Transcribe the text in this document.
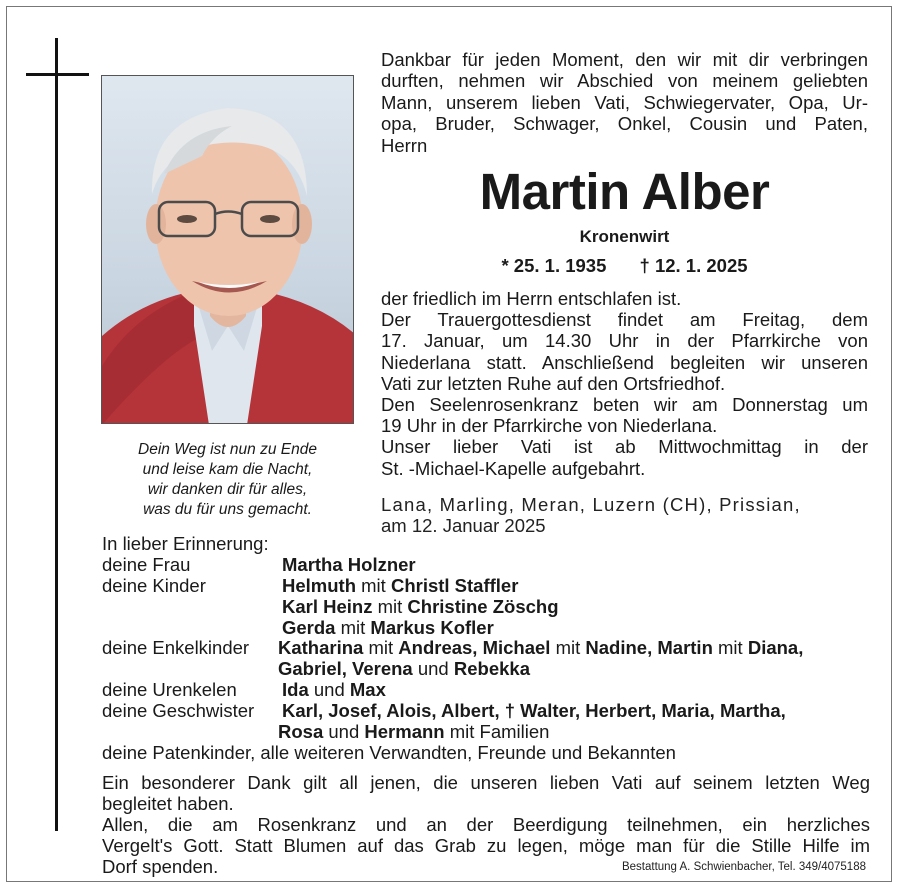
Dein Weg ist nun zu Ende
und leise kam die Nacht,
wir danken dir für alles,
was du für uns gemacht.
Dankbar für jeden Moment, den wir mit dir verbringen
durften, nehmen wir Abschied von meinem geliebten
Mann, unserem lieben Vati, Schwiegervater, Opa, Ur-
opa, Bruder, Schwager, Onkel, Cousin und Paten,
Herrn
Martin Alber
Kronenwirt
* 25. 1. 1935 † 12. 1. 2025
der friedlich im Herrn entschlafen ist.
Der Trauergottesdienst findet am Freitag, dem
17. Januar, um 14.30 Uhr in der Pfarrkirche von
Niederlana statt. Anschließend begleiten wir unseren
Vati zur letzten Ruhe auf den Ortsfriedhof.
Den Seelenrosenkranz beten wir am Donnerstag um
19 Uhr in der Pfarrkirche von Niederlana.
Unser lieber Vati ist ab Mittwochmittag in der
St. -Michael-Kapelle aufgebahrt.
Lana, Marling, Meran, Luzern (CH), Prissian,
am 12. Januar 2025
In lieber Erinnerung:
deine Frau	Martha Holzner
deine Kinder	Helmuth mit Christl Staffler
Karl Heinz mit Christine Zöschg
Gerda mit Markus Kofler
deine Enkelkinder Katharina mit Andreas, Michael mit Nadine, Martin mit Diana,
Gabriel, Verena und Rebekka
deine Urenkelen Ida und Max
deine Geschwister Karl, Josef, Alois, Albert, † Walter, Herbert, Maria, Martha,
Rosa und Hermann mit Familien
deine Patenkinder, alle weiteren Verwandten, Freunde und Bekannten
Ein besonderer Dank gilt all jenen, die unseren lieben Vati auf seinem letzten Weg
begleitet haben.
Allen, die am Rosenkranz und an der Beerdigung teilnehmen, ein herzliches
Vergelt's Gott. Statt Blumen auf das Grab zu legen, möge man für die Stille Hilfe im
Dorf spenden.	Bestattung A. Schwienbacher, Tel. 349/4075188
